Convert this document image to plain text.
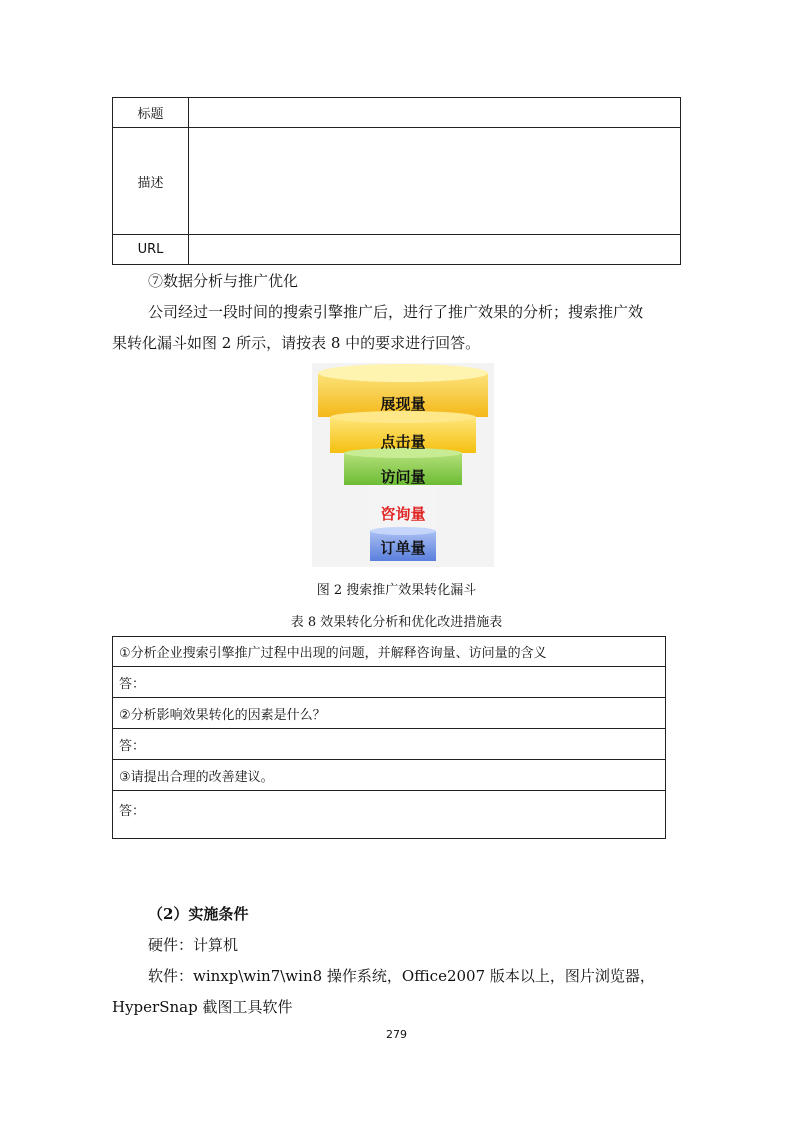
标题	
描述	
URL	
⑦数据分析与推广优化
公司经过一段时间的搜索引擎推广后，进行了推广效果的分析；搜索推广效
果转化漏斗如图 2 所示，请按表 8 中的要求进行回答。
展现量
点击量
访问量
咨询量
订单量
图 2 搜索推广效果转化漏斗
表 8 效果转化分析和优化改进措施表
①分析企业搜索引擎推广过程中出现的问题，并解释咨询量、访问量的含义
答：
②分析影响效果转化的因素是什么？
答：
③请提出合理的改善建议。
答：
（2）实施条件
硬件：计算机
软件：winxp\win7\win8 操作系统，Office2007 版本以上，图片浏览器，
HyperSnap 截图工具软件
279
